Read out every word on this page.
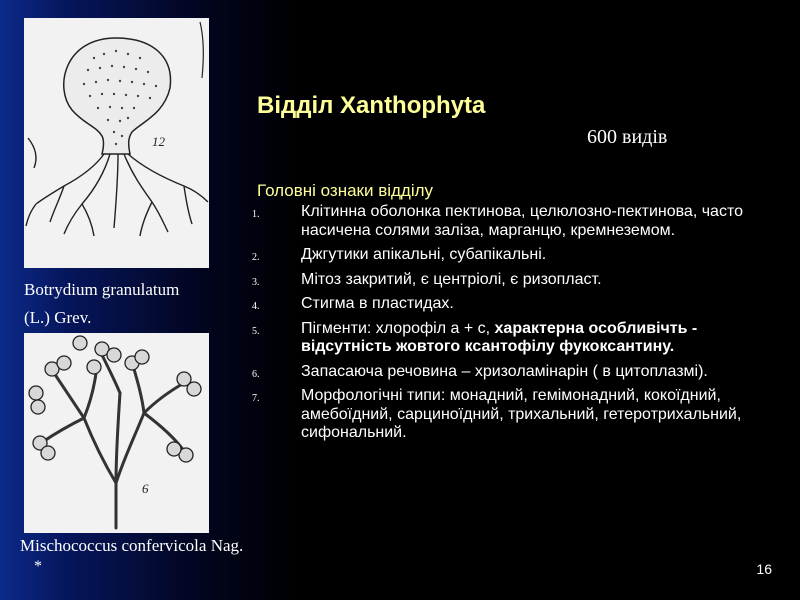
12
Botrydium granulatum
(L.) Grev.
6
Mischococcus confervicola Nag.
*
Відділ Xanthophyta
600 видів
Головні ознаки відділу
1.	Клітинна оболонка пектинова, целюлозно-пектинова, часто насичена солями заліза, марганцю, кремнеземом.
2.	Джгутики апікальні, субапікальні.
3.	Мітоз закритий, є центріолі, є ризопласт.
4.	Стигма в пластидах.
5.	Пігменти: хлорофіл a + c, характерна особливічть - відсутність жовтого ксантофілу фукоксантину.
6.	Запасаюча речовина – хризоламінарін ( в цитоплазмі).
7.	Морфологічні типи: монадний, гемімонадний, кокоїдний, амебоїдний, сарциноїдний, трихальний, гетеротрихальний, сифональний.
16
